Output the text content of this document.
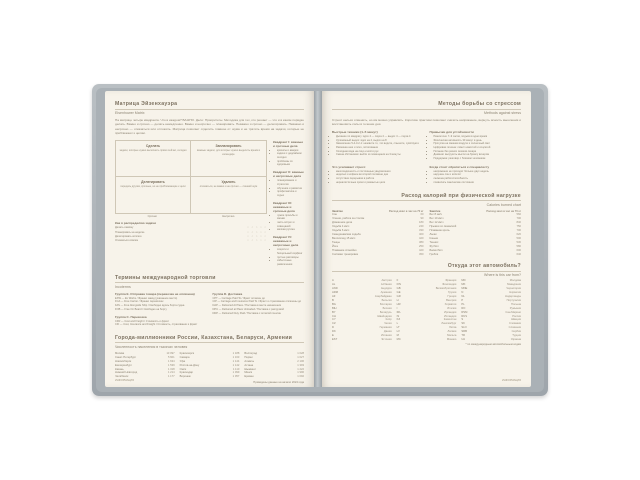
Матрица Эйзенхауэра
Eisenhower Matrix
На матрице четыре квадранта. Что в каждом? ВАЖНО. Дело: Приоритеты. Методика для тех, кто решает — что и в каком порядке делать. Важно и срочно — делать немедленно. Важно и несрочно — планировать. Неважно и срочно — делегировать. Неважно и несрочно — отказаться или отложить. Матрица помогает отделить главное от шума и не тратить время на задачи, которые не приближают к целям.
Сделать
задачи, которые нужно выполнить прямо сейчас, сегодня
Запланировать
важные задачи, для которых нужно выделить время в календаре
Делегировать
передать другим, срочные, но не приближающие к цели
Удалить
отказаться, не важно и не срочно — лишний шум
Срочно	Несрочно
Как я распределяю задачи
Делать самому	○ ○ ○ ○ ○
Планировать на неделю	○ ○ ○ ○ ○
Делегировать коллеге	○ ○ ○ ○ ○
Отказаться совсем	○ ○ ○ ○ ○
Квадрант I: важные и срочные дела
• кризисы и аварии
• задачи с дедлайном сегодня
• проблемы со здоровьем
Квадрант II: важные и несрочные дела
• планирование и стратегия
• обучение и развитие
• профилактика и отдых
Квадрант III: неважные и срочные дела
• чужие просьбы и звонки
• часть встреч и совещаний
• мелкая рутина
Квадрант IV: неважные и несрочные дела
• соцсети и бесцельный серфинг
• пустые разговоры
• избыточные развлечения
Термины международной торговли
Incoterms
Группа E. Отправка товара (перевозка не оплачена)
EXW — Ex Works / Франко завод (указанное место)
FCA — Free Carrier / Франко перевозчик
FAS — Free Alongside Ship / Свободно вдоль борта судна
FOB — Free On Board / Свободно на борту
Группа C. Перевозка
CFR — Cost and Freight / Стоимость и фрахт
CIF — Cost, Insurance and Freight / Стоимость, страхование и фрахт
Группа D. Доставка
CPT — Carriage Paid To / Фрахт оплачен до
CIP — Carriage and Insurance Paid To / Фрахт и страхование оплачены до
DAP — Delivered At Place / Поставка в месте назначения
DPU — Delivered at Place Unloaded / Поставка с разгрузкой
DDP — Delivered Duty Paid / Поставка с оплатой пошлин
Города-миллионники России, Казахстана, Беларуси, Армении
Численность населения в тысячах человек
Москва	13 097
Санкт-Петербург	5 601
Новосибирск	1 634
Екатеринбург	1 539
Казань	1 318
Нижний Новгород	1 214
Челябинск	1 177
Красноярск	1 188
Самара	1 163
Уфа	1 144
Ростов-на-Дону	1 142
Омск	1 110
Краснодар	1 099
Воронеж	1 057
Волгоград	1 028
Перми	1 027
Алматы	2 106
Астана	1 393
Шымкент	1 222
Минск	1 996
Ереван	1 092
Приведены данные на начало 2024 года
ИНФОРМАЦИЯ
Методы борьбы со стрессом
Methods against stress
Стресс нельзя отменить, но им можно управлять. Короткие практики помогают снизить напряжение, вернуть ясность мышления и восстановить силы в течение дня.
Быстрые техники (1–5 минут)
• Дыхание по квадрату: вдох 4 — пауза 4 — выдох 4 — пауза 4
• Удлинённый выдох: вдох на 4, выдох на 8
• Заземление 5-4-3-2-1: назовите то, что видите, слышите, чувствуете
• Разминка шеи и плеч, потягивание
• Холодная вода на лицо и кисти рук
• Смена обстановки: выйти из помещения на 3 минуты
Привычки для устойчивости
• Режим сна: 7–9 часов, подъём в одно время
• Физическая активность 30 минут в день
• Прогулка на свежем воздухе и солнечный свет
• Цифровая гигиена: лимит новостей и соцсетей
• Питание без резких скачков сахара
• Дневник: выгрузить мысли на бумагу вечером
• Поддержка: разговор с близким человеком
Что усиливает стресс
• многозадачность и постоянные уведомления
• недосып и кофеин во второй половине дня
• отсутствие перерывов в работе
• нереалистичные сроки и размытые цели
Когда стоит обратиться к специалисту
• напряжение не проходит больше двух недель
• нарушен сон и аппетит
• снижена работоспособность
• появились панические состояния
Расход калорий при физической нагрузке
Calories burned chart
Занятие	Расход ккал в час на 70 кг
Сон	60
Чтение, работа за столом	90
Домашние дела	180
Ходьба 4 км/ч	240
Ходьба 6 км/ч	330
Скандинавская ходьба	400
Велосипед 15 км/ч	420
Танцы	380
Йога	250
Плавание спокойно	420
Силовая тренировка	450
Занятие	Расход ккал в час на 70 кг
Бег 8 км/ч	560
Бег 10 км/ч	700
Бег 12 км/ч	840
Прыжки со скакалкой	750
Плавание кроль	700
Лыжи	620
Коньки	500
Теннис	530
Футбол	580
Баскетбол	600
Гребля	640
Откуда этот автомобиль?
Where is this car from?
A	Австрия
AL	Албания
AND	Андорра
ARM	Армения
AZ	Азербайджан
B	Бельгия
BG	Болгария
BIH	Босния
BY	Беларусь
CH	Швейцария
CY	Кипр
CZ	Чехия
D	Германия
DK	Дания
E	Испания
EST	Эстония
F	Франция
FIN	Финляндия
GB	Великобритания
GE	Грузия
GR	Греция
H	Венгрия
HR	Хорватия
I	Италия
IRL	Ирландия
IS	Исландия
KZ	Казахстан
L	Люксембург
LT	Литва
LV	Латвия
M	Мальта
MC	Монако
MD	Молдова
MK	Македония
MNE	Черногория
N	Норвегия
NL	Нидерланды
P	Португалия
PL	Польша
RO	Румыния
RSM	Сан-Марино
RUS	Россия
S	Швеция
SK	Словакия
SLO	Словения
SRB	Сербия
TR	Турция
UA	Украина
* по международным автомобильным кодам
ИНФОРМАЦИЯ
